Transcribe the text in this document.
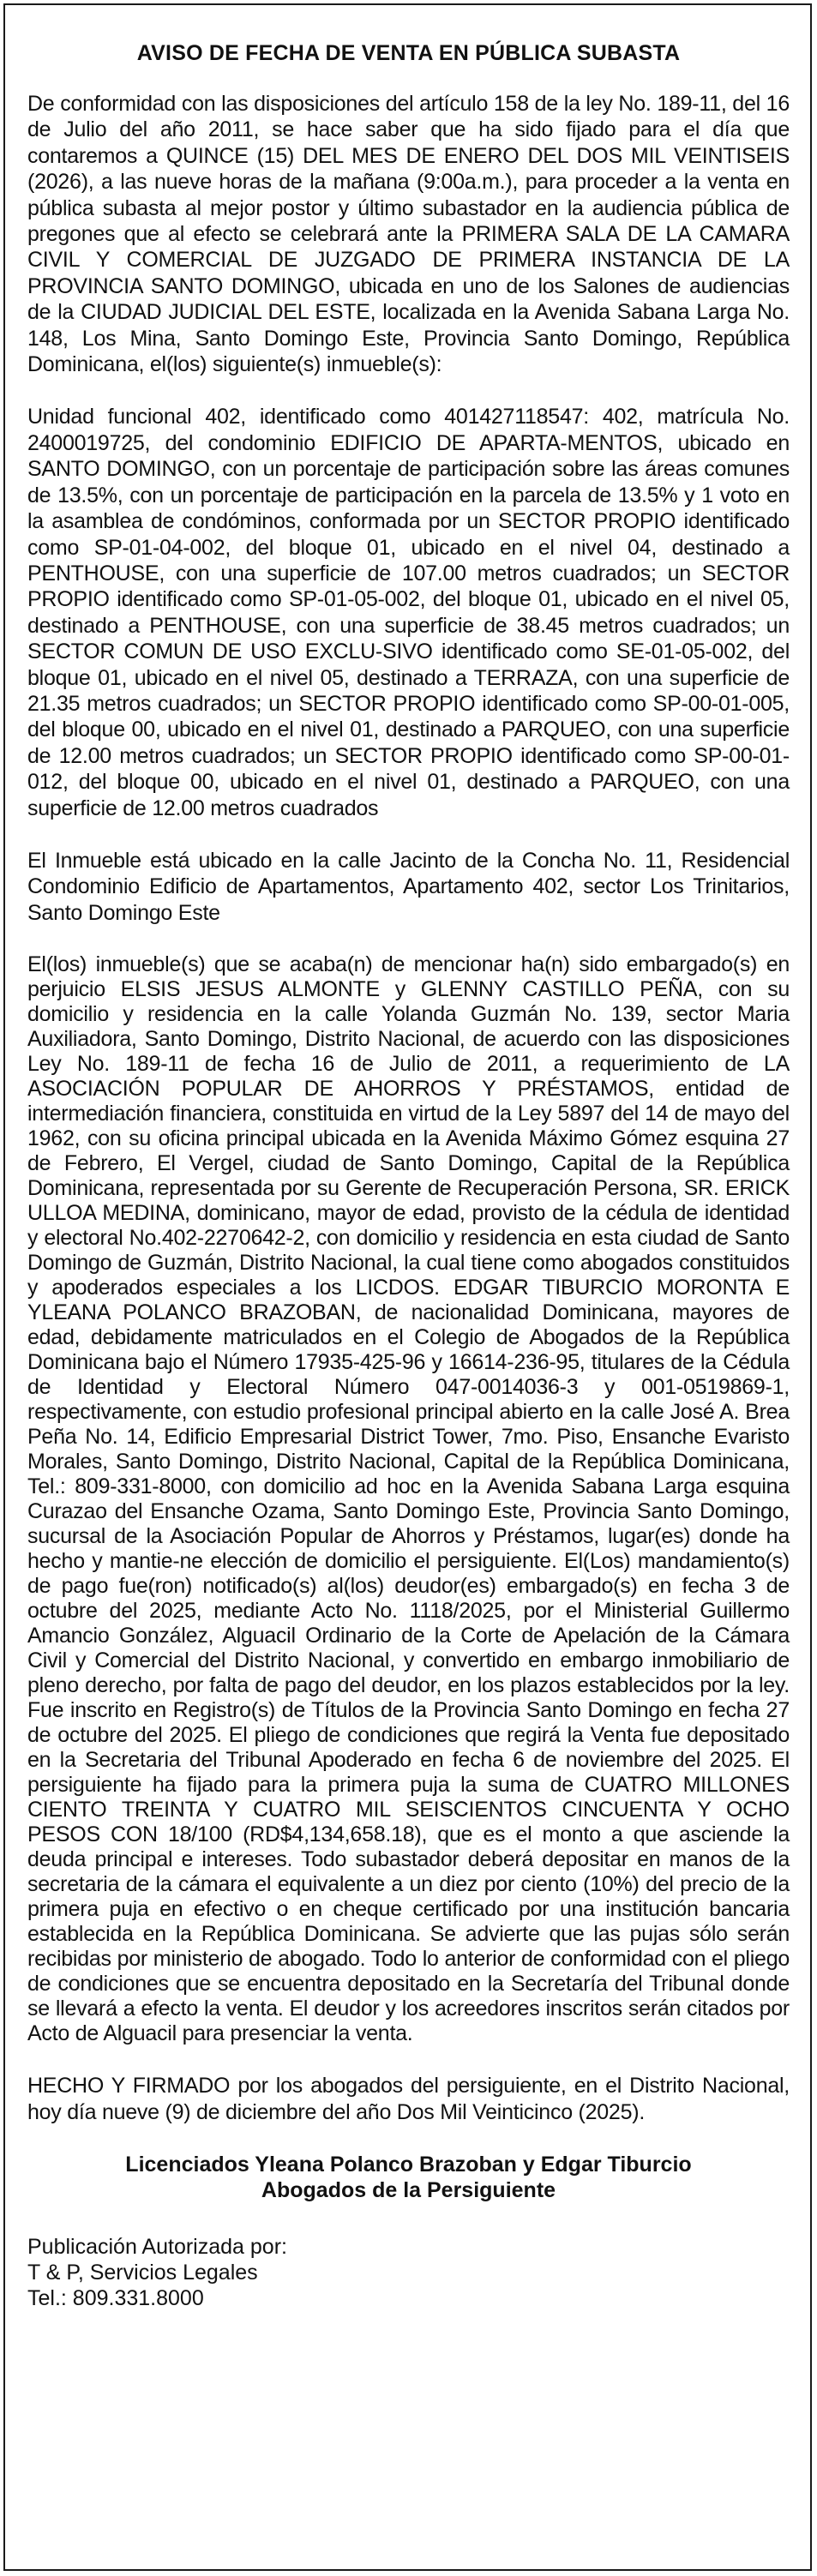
AVISO DE FECHA DE VENTA EN PÚBLICA SUBASTA

De conformidad con las disposiciones del artículo 158 de la ley No. 189-11, del 16 de Julio del año 2011, se hace saber que ha sido fijado para el día que contaremos a QUINCE (15) DEL MES DE ENERO DEL DOS MIL VEINTISEIS (2026), a las nueve horas de la mañana (9:00a.m.), para proceder a la venta en pública subasta al mejor postor y último subastador en la audiencia pública de pregones que al efecto se celebrará ante la PRIMERA SALA DE LA CAMARA CIVIL Y COMERCIAL DE JUZGADO DE PRIMERA INSTANCIA DE LA PROVINCIA SANTO DOMINGO, ubicada en uno de los Salones de audiencias de la CIUDAD JUDICIAL DEL ESTE, localizada en la Avenida Sabana Larga No. 148, Los Mina, Santo Domingo Este, Provincia Santo Domingo, República Dominicana, el(los) siguiente(s) inmueble(s):

Unidad funcional 402, identificado como 401427118547: 402, matrícula No. 2400019725, del condominio EDIFICIO DE APARTA-MENTOS, ubicado en SANTO DOMINGO, con un porcentaje de participación sobre las áreas comunes de 13.5%, con un porcentaje de participación en la parcela de 13.5% y 1 voto en la asamblea de condóminos, conformada por un SECTOR PROPIO identificado como SP-01-04-002, del bloque 01, ubicado en el nivel 04, destinado a PENTHOUSE, con una superficie de 107.00 metros cuadrados; un SECTOR PROPIO identificado como SP-01-05-002, del bloque 01, ubicado en el nivel 05, destinado a PENTHOUSE, con una superficie de 38.45 metros cuadrados; un SECTOR COMUN DE USO EXCLU-SIVO identificado como SE-01-05-002, del bloque 01, ubicado en el nivel 05, destinado a TERRAZA, con una superficie de 21.35 metros cuadrados; un SECTOR PROPIO identificado como SP-00-01-005, del bloque 00, ubicado en el nivel 01, destinado a PARQUEO, con una superficie de 12.00 metros cuadrados; un SECTOR PROPIO identificado como SP-00-01-012, del bloque 00, ubicado en el nivel 01, destinado a PARQUEO, con una superficie de 12.00 metros cuadrados

El Inmueble está ubicado en la calle Jacinto de la Concha No. 11, Residencial Condominio Edificio de Apartamentos, Apartamento 402, sector Los Trinitarios, Santo Domingo Este

El(los) inmueble(s) que se acaba(n) de mencionar ha(n) sido embargado(s) en perjuicio ELSIS JESUS ALMONTE y GLENNY CASTILLO PEÑA, con su domicilio y residencia en la calle Yolanda Guzmán No. 139, sector Maria Auxiliadora, Santo Domingo, Distrito Nacional, de acuerdo con las disposiciones Ley No. 189-11 de fecha 16 de Julio de 2011, a requerimiento de LA ASOCIACIÓN POPULAR DE AHORROS Y PRÉSTAMOS, entidad de intermediación financiera, constituida en virtud de la Ley 5897 del 14 de mayo del 1962, con su oficina principal ubicada en la Avenida Máximo Gómez esquina 27 de Febrero, El Vergel, ciudad de Santo Domingo, Capital de la República Dominicana, representada por su Gerente de Recuperación Persona, SR. ERICK ULLOA MEDINA, dominicano, mayor de edad, provisto de la cédula de identidad y electoral No.402-2270642-2, con domicilio y residencia en esta ciudad de Santo Domingo de Guzmán, Distrito Nacional, la cual tiene como abogados constituidos y apoderados especiales a los LICDOS. EDGAR TIBURCIO MORONTA E YLEANA POLANCO BRAZOBAN, de nacionalidad Dominicana, mayores de edad, debidamente matriculados en el Colegio de Abogados de la República Dominicana bajo el Número 17935-425-96 y 16614-236-95, titulares de la Cédula de Identidad y Electoral Número 047-0014036-3 y 001-0519869-1, respectivamente, con estudio profesional principal abierto en la calle José A. Brea Peña No. 14, Edificio Empresarial District Tower, 7mo. Piso, Ensanche Evaristo Morales, Santo Domingo, Distrito Nacional, Capital de la República Dominicana, Tel.: 809-331-8000, con domicilio ad hoc en la Avenida Sabana Larga esquina Curazao del Ensanche Ozama, Santo Domingo Este, Provincia Santo Domingo, sucursal de la Asociación Popular de Ahorros y Préstamos, lugar(es) donde ha hecho y mantie-ne elección de domicilio el persiguiente. El(Los) mandamiento(s) de pago fue(ron) notificado(s) al(los) deudor(es) embargado(s) en fecha 3 de octubre del 2025, mediante Acto No. 1118/2025, por el Ministerial Guillermo Amancio González, Alguacil Ordinario de la Corte de Apelación de la Cámara Civil y Comercial del Distrito Nacional, y convertido en embargo inmobiliario de pleno derecho, por falta de pago del deudor, en los plazos establecidos por la ley. Fue inscrito en Registro(s) de Títulos de la Provincia Santo Domingo en fecha 27 de octubre del 2025. El pliego de condiciones que regirá la Venta fue depositado en la Secretaria del Tribunal Apoderado en fecha 6 de noviembre del 2025. El persiguiente ha fijado para la primera puja la suma de CUATRO MILLONES CIENTO TREINTA Y CUATRO MIL SEISCIENTOS CINCUENTA Y OCHO PESOS CON 18/100 (RD$4,134,658.18), que es el monto a que asciende la deuda principal e intereses. Todo subastador deberá depositar en manos de la secretaria de la cámara el equivalente a un diez por ciento (10%) del precio de la primera puja en efectivo o en cheque certificado por una institución bancaria establecida en la República Dominicana. Se advierte que las pujas sólo serán recibidas por ministerio de abogado. Todo lo anterior de conformidad con el pliego de condiciones que se encuentra depositado en la Secretaría del Tribunal donde se llevará a efecto la venta. El deudor y los acreedores inscritos serán citados por Acto de Alguacil para presenciar la venta.

HECHO Y FIRMADO por los abogados del persiguiente, en el Distrito Nacional, hoy día nueve (9) de diciembre del año Dos Mil Veinticinco (2025).

Licenciados Yleana Polanco Brazoban y Edgar Tiburcio
Abogados de la Persiguiente
Publicación Autorizada por:
T & P, Servicios Legales
Tel.: 809.331.8000
